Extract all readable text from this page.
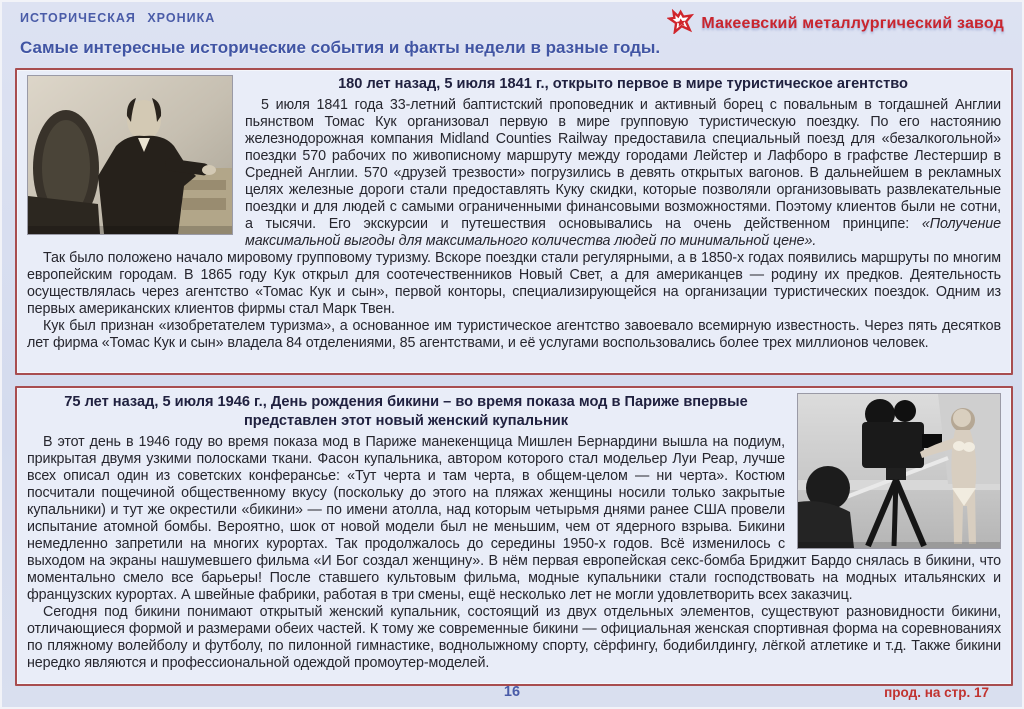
ИСТОРИЧЕСКАЯ ХРОНИКА	Макеевский металлургический завод
Самые интересные исторические события и факты недели в разные годы.
180 лет назад, 5 июля 1841 г., открыто первое в мире туристическое агентство

5 июля 1841 года 33-летний баптистский проповедник и активный борец с повальным в тогдашней Англии пьянством Томас Кук организовал первую в мире групповую туристическую поездку. По его настоянию железнодорожная компания Midland Counties Railway предоставила специальный поезд для «безалкогольной» поездки 570 рабочих по живописному маршруту между городами Лейстер и Лафборо в графстве Лестершир в Средней Англии. 570 «друзей трезвости» погрузились в девять открытых вагонов. В дальнейшем в рекламных целях железные дороги стали предоставлять Куку скидки, которые позволяли организовывать развлекательные поездки и для людей с самыми ограниченными финансовыми возможностями. Поэтому клиентов были не сотни, а тысячи. Его экскурсии и путешествия основывались на очень действенном принципе: «Получение максимальной выгоды для максимального количества людей по минимальной цене».

Так было положено начало мировому групповому туризму. Вскоре поездки стали регулярными, а в 1850-х годах появились маршруты по многим европейским городам. В 1865 году Кук открыл для соотечественников Новый Свет, а для американцев — родину их предков. Деятельность осуществлялась через агентство «Томас Кук и сын», первой конторы, специализирующейся на организации туристических поездок. Одним из первых американских клиентов фирмы стал Марк Твен.

Кук был признан «изобретателем туризма», а основанное им туристическое агентство завоевало всемирную известность. Через пять десятков лет фирма «Томас Кук и сын» владела 84 отделениями, 85 агентствами, и её услугами воспользовались более трех миллионов человек.

75 лет назад, 5 июля 1946 г., День рождения бикини – во время показа мод в Париже впервые представлен этот новый женский купальник

В этот день в 1946 году во время показа мод в Париже манекенщица Мишлен Бернардини вышла на подиум, прикрытая двумя узкими полосками ткани. Фасон купальника, автором которого стал модельер Луи Реар, лучше всех описал один из советских конферансье: «Тут черта и там черта, в общем-целом — ни черта». Костюм посчитали пощечиной общественному вкусу (поскольку до этого на пляжах женщины носили только закрытые купальники) и тут же окрестили «бикини» — по имени атолла, над которым четырьмя днями ранее США провели испытание атомной бомбы. Вероятно, шок от новой модели был не меньшим, чем от ядерного взрыва. Бикини немедленно запретили на многих курортах. Так продолжалось до середины 1950-х годов. Всё изменилось с выходом на экраны нашумевшего фильма «И Бог создал женщину». В нём первая европейская секс-бомба Бриджит Бардо снялась в бикини, что моментально смело все барьеры! После ставшего культовым фильма, модные купальники стали господствовать на модных итальянских и французских курортах. А швейные фабрики, работая в три смены, ещё несколько лет не могли удовлетворить всех заказчиц.

Сегодня под бикини понимают открытый женский купальник, состоящий из двух отдельных элементов, существуют разновидности бикини, отличающиеся формой и размерами обеих частей. К тому же современные бикини — официальная женская спортивная форма на соревнованиях по пляжному волейболу и футболу, по пилонной гимнастике, воднолыжному спорту, сёрфингу, бодибилдингу, лёгкой атлетике и т.д. Также бикини нередко являются и профессиональной одеждой промоутер-моделей.

16	прод. на стр. 17
